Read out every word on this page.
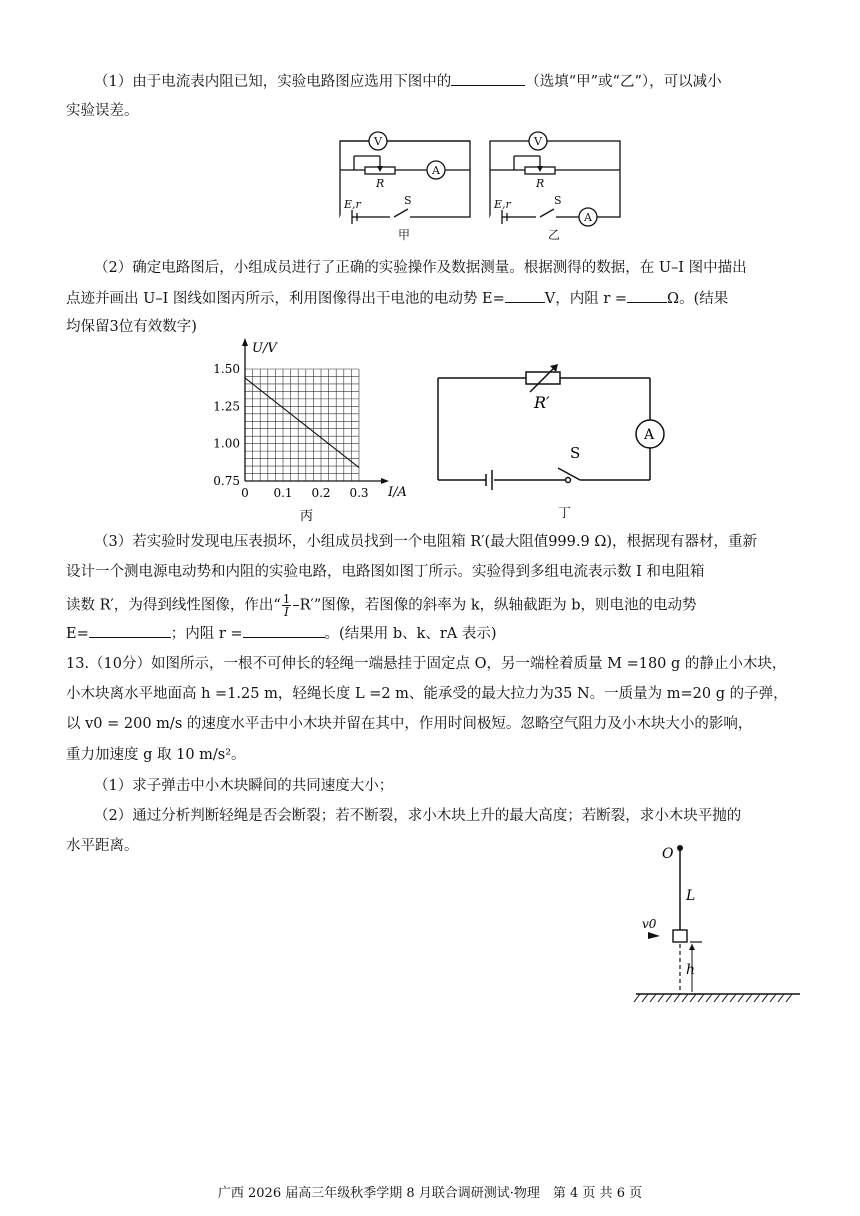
（1）由于电流表内阻已知，实验电路图应选用下图中的	（选填“甲”或“乙”），可以减小
实验误差。
V
A
R
E,r	S
甲
V
R
E,r	S
A
乙
（2）确定电路图后，小组成员进行了正确的实验操作及数据测量。根据测得的数据，在 U–I 图中描出
点迹并画出 U–I 图线如图丙所示，利用图像得出干电池的电动势 E=	V，内阻 r =	Ω。(结果
均保留3位有效数字)
0 0.1 0.2 0.3
0.75
1.00
1.25
1.50
U/V
I/A
丙
R′
A
S
丁
（3）若实验时发现电压表损坏，小组成员找到一个电阻箱 R′(最大阻值999.9 Ω)，根据现有器材，重新
设计一个测电源电动势和内阻的实验电路，电路图如图丁所示。实验得到多组电流表示数 I 和电阻箱
读数 R′，为得到线性图像，作出“ $\frac{1}{I} -R'$”图像，若图像的斜率为 k，纵轴截距为 b，则电池的电动势
E=	；内阻 r =	。(结果用 b、k、rA 表示)
13.（10分）如图所示，一根不可伸长的轻绳一端悬挂于固定点 O，另一端栓着质量 M =180 g 的静止小木块，
小木块离水平地面高 h =1.25 m，轻绳长度 L =2 m、能承受的最大拉力为35 N。一质量为 m=20 g 的子弹，
以 v0 = 200 m/s 的速度水平击中小木块并留在其中，作用时间极短。忽略空气阻力及小木块大小的影响，
重力加速度 g 取 10 m/s²。
（1）求子弹击中小木块瞬间的共同速度大小；
（2）通过分析判断轻绳是否会断裂；若不断裂，求小木块上升的最大高度；若断裂，求小木块平抛的
水平距离。	O
L
v0
h
广西 2026 届高三年级秋季学期 8 月联合调研测试·物理　第 4 页 共 6 页
